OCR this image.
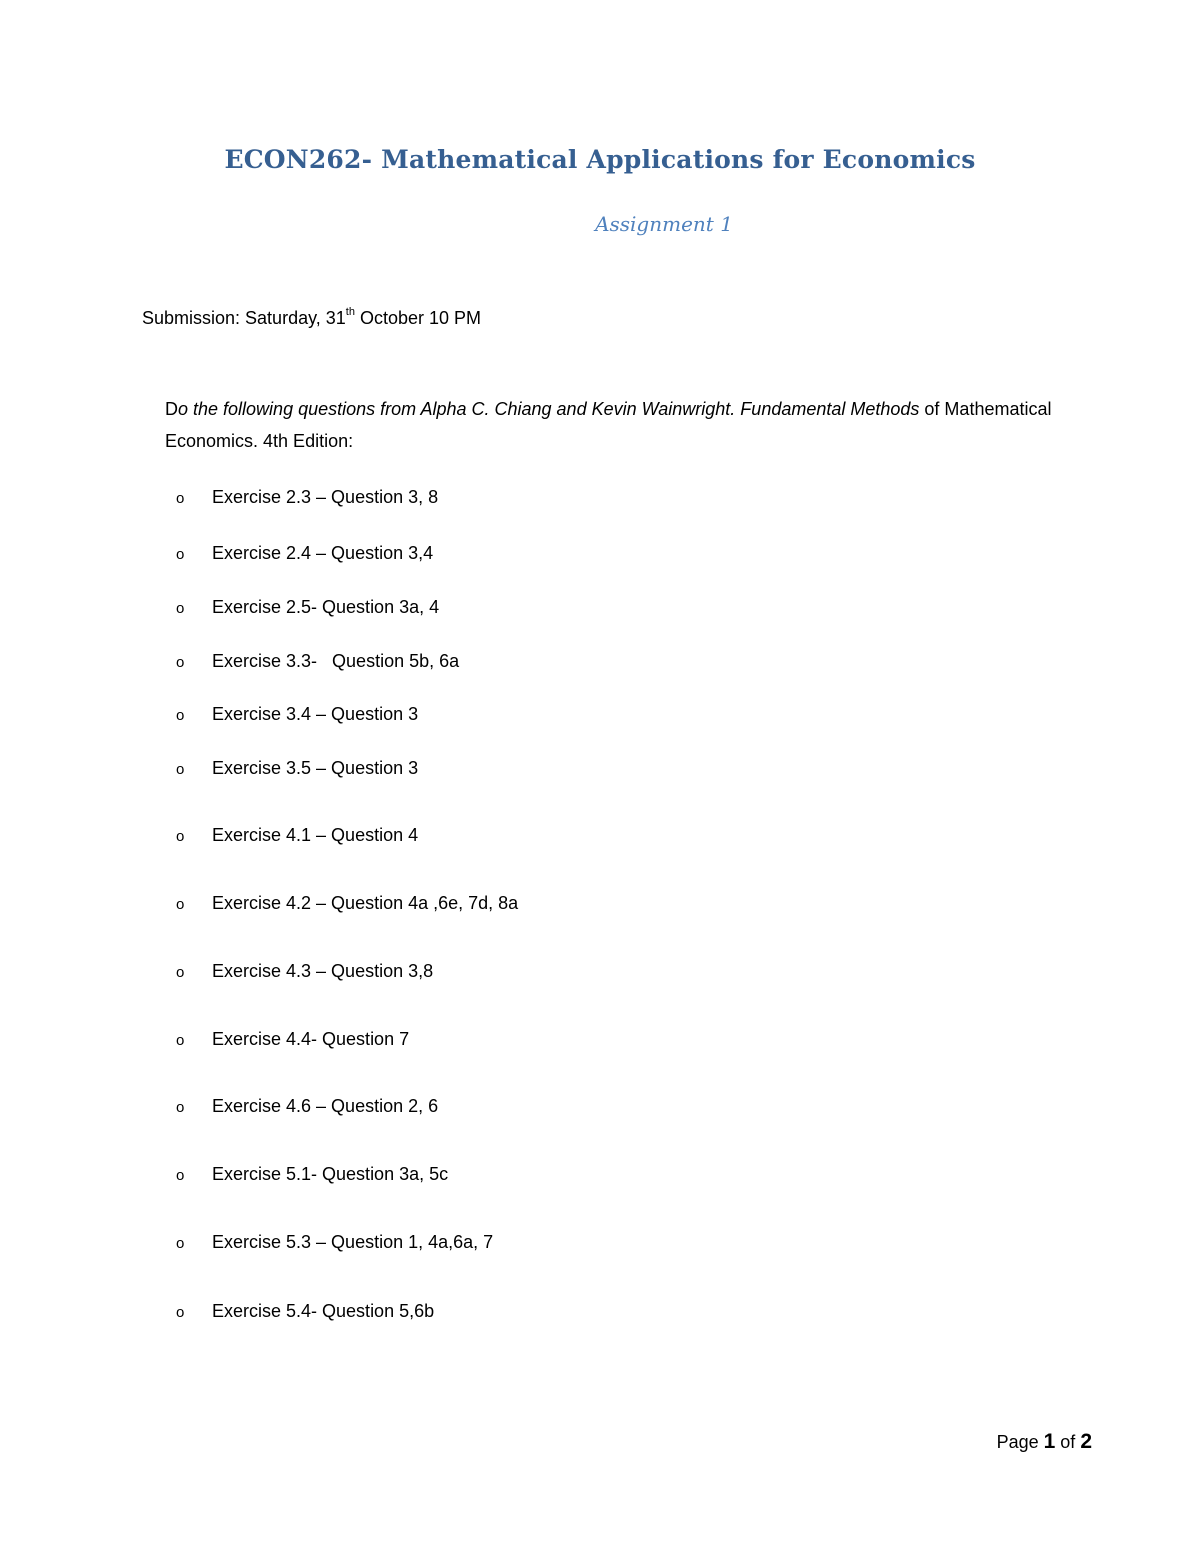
ECON262- Mathematical Applications for Economics
Assignment 1
Submission: Saturday, 31th October 10 PM
Do the following questions from Alpha C. Chiang and Kevin Wainwright. Fundamental Methods of Mathematical Economics. 4th Edition:
o Exercise 2.3 – Question 3, 8
o Exercise 2.4 – Question 3,4
o Exercise 2.5- Question 3a, 4
o Exercise 3.3-   Question 5b, 6a
o Exercise 3.4 – Question 3
o Exercise 3.5 – Question 3
o Exercise 4.1 – Question 4
o Exercise 4.2 – Question 4a ,6e, 7d, 8a
o Exercise 4.3 – Question 3,8
o Exercise 4.4- Question 7
o Exercise 4.6 – Question 2, 6
o Exercise 5.1- Question 3a, 5c
o Exercise 5.3 – Question 1, 4a,6a, 7
o Exercise 5.4- Question 5,6b
Page 1 of 2
